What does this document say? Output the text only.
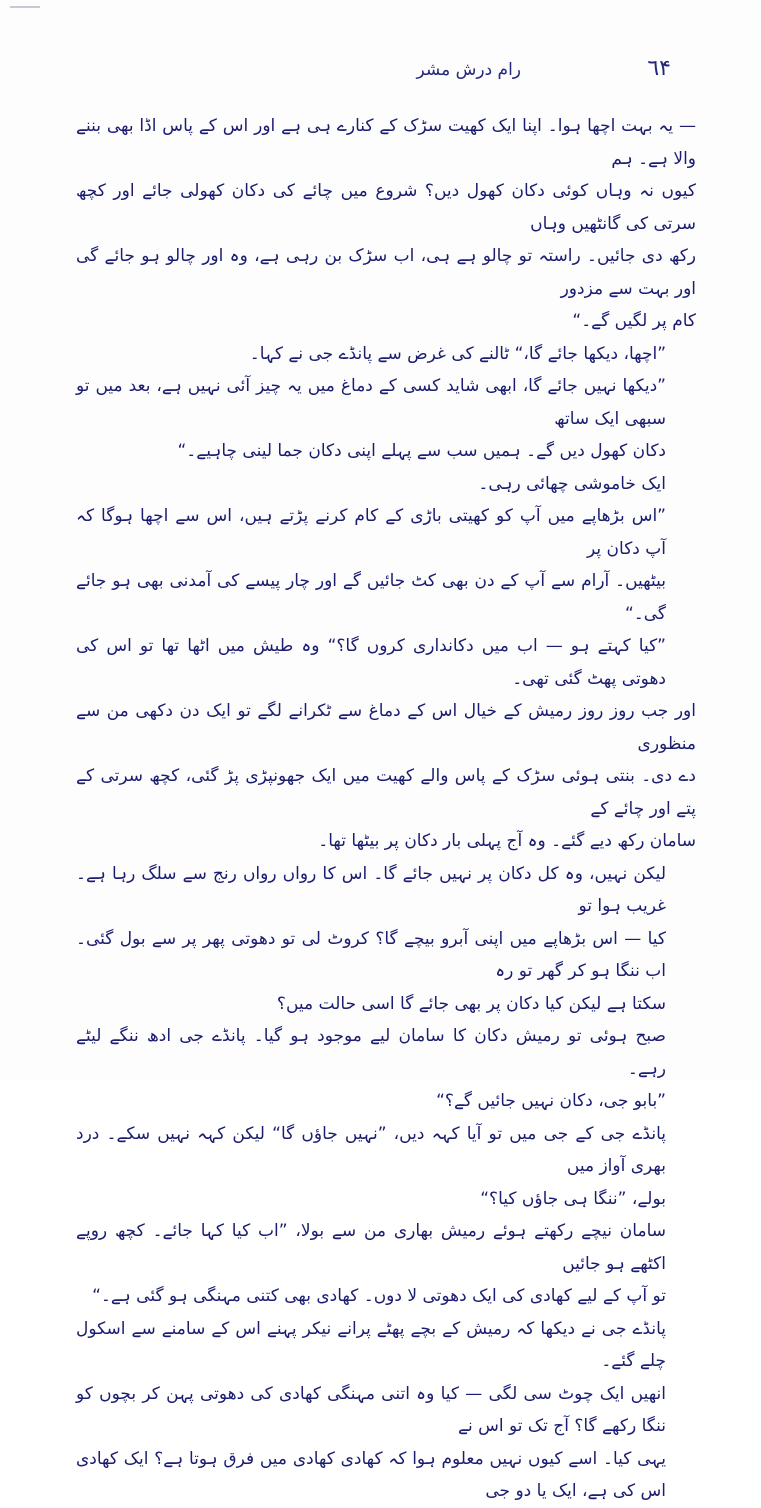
٦۴
رام درش مشر

— یہ بہت اچھا ہوا۔ اپنا ایک کھیت سڑک کے کنارے ہی ہے اور اس کے پاس اڈا بھی بننے والا ہے۔ ہم
کیوں نہ وہاں کوئی دکان کھول دیں؟ شروع میں چائے کی دکان کھولی جائے اور کچھ سرتی کی گانٹھیں وہاں
رکھ دی جائیں۔ راستہ تو چالو ہے ہی، اب سڑک بن رہی ہے، وہ اور چالو ہو جائے گی اور بہت سے مزدور
کام پر لگیں گے۔“

”اچھا، دیکھا جائے گا،“ ٹالنے کی غرض سے پانڈے جی نے کہا۔

”دیکھا نہیں جائے گا، ابھی شاید کسی کے دماغ میں یہ چیز آئی نہیں ہے، بعد میں تو سبھی ایک ساتھ
دکان کھول دیں گے۔ ہمیں سب سے پہلے اپنی دکان جما لینی چاہیے۔“

ایک خاموشی چھائی رہی۔

”اس بڑھاپے میں آپ کو کھیتی باڑی کے کام کرنے پڑتے ہیں، اس سے اچھا ہوگا کہ آپ دکان پر
بیٹھیں۔ آرام سے آپ کے دن بھی کٹ جائیں گے اور چار پیسے کی آمدنی بھی ہو جائے گی۔“

”کیا کہتے ہو — اب میں دکانداری کروں گا؟“ وہ طیش میں اٹھا تھا تو اس کی دھوتی پھٹ گئی تھی۔

اور جب روز روز رمیش کے خیال اس کے دماغ سے ٹکرانے لگے تو ایک دن دکھی من سے منظوری
دے دی۔ بنتی ہوئی سڑک کے پاس والے کھیت میں ایک جھونپڑی پڑ گئی، کچھ سرتی کے پتے اور چائے کے
سامان رکھ دیے گئے۔ وہ آج پہلی بار دکان پر بیٹھا تھا۔

لیکن نہیں، وہ کل دکان پر نہیں جائے گا۔ اس کا رواں رواں رنج سے سلگ رہا ہے۔ غریب ہوا تو
کیا — اس بڑھاپے میں اپنی آبرو بیچے گا؟ کروٹ لی تو دھوتی پھر پر سے بول گئی۔ اب ننگا ہو کر گھر تو رہ
سکتا ہے لیکن کیا دکان پر بھی جائے گا اسی حالت میں؟

صبح ہوئی تو رمیش دکان کا سامان لیے موجود ہو گیا۔ پانڈے جی ادھ ننگے لیٹے رہے۔

”بابو جی، دکان نہیں جائیں گے؟“

پانڈے جی کے جی میں تو آیا کہہ دیں، ”نہیں جاؤں گا“ لیکن کہہ نہیں سکے۔ درد بھری آواز میں
بولے، ”ننگا ہی جاؤں کیا؟“

سامان نیچے رکھتے ہوئے رمیش بھاری من سے بولا، ”اب کیا کہا جائے۔ کچھ روپے اکٹھے ہو جائیں
تو آپ کے لیے کھادی کی ایک دھوتی لا دوں۔ کھادی بھی کتنی مہنگی ہو گئی ہے۔“

پانڈے جی نے دیکھا کہ رمیش کے بچے پھٹے پرانے نیکر پہنے اس کے سامنے سے اسکول چلے گئے۔
انھیں ایک چوٹ سی لگی — کیا وہ اتنی مہنگی کھادی کی دھوتی پہن کر بچوں کو ننگا رکھے گا؟ آج تک تو اس نے
یہی کیا۔ اسے کیوں نہیں معلوم ہوا کہ کھادی کھادی میں فرق ہوتا ہے؟ ایک کھادی اس کی ہے، ایک یا دو جی
